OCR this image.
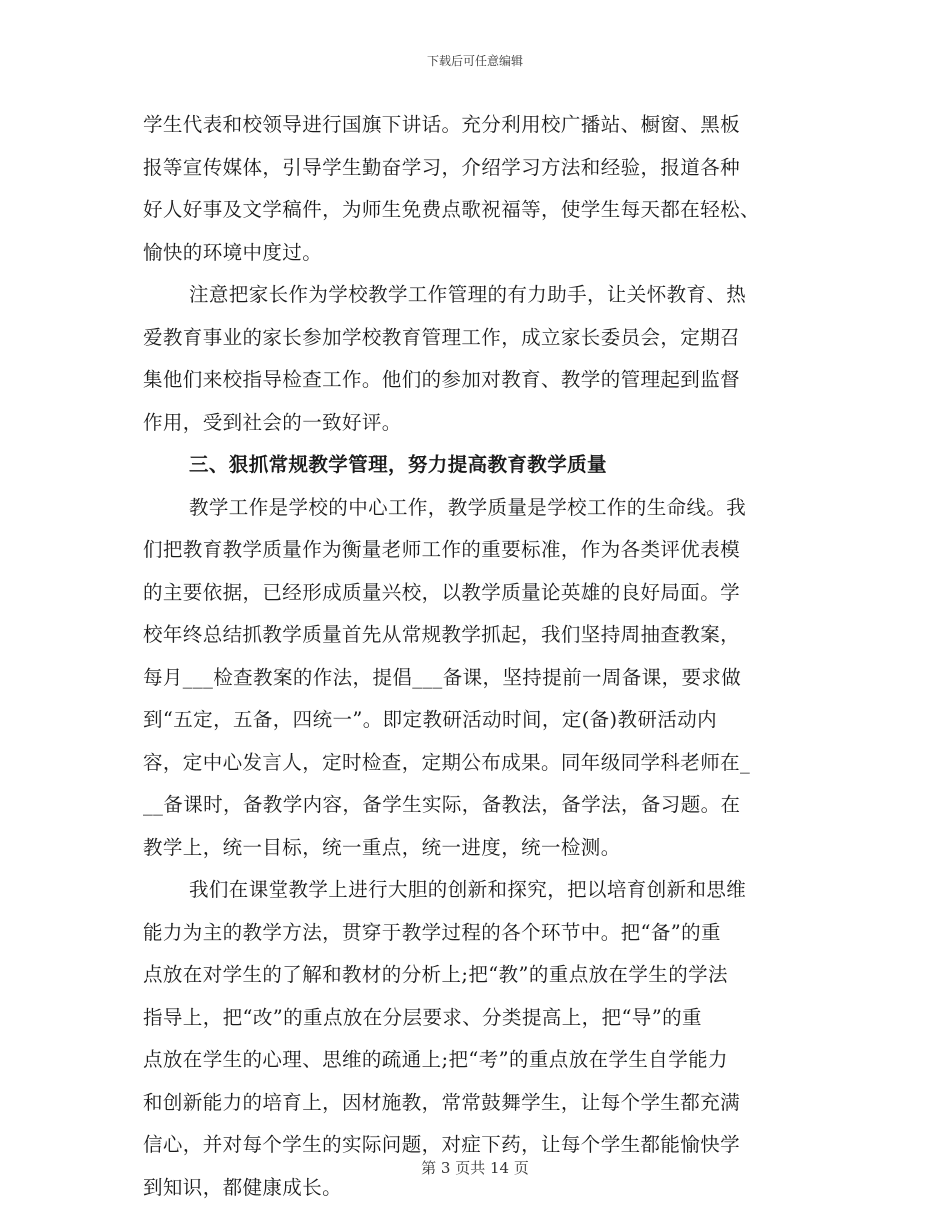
下载后可任意编辑
学生代表和校领导进行国旗下讲话。充分利用校广播站、橱窗、黑板
报等宣传媒体，引导学生勤奋学习，介绍学习方法和经验，报道各种
好人好事及文学稿件，为师生免费点歌祝福等，使学生每天都在轻松、
愉快的环境中度过。
注意把家长作为学校教学工作管理的有力助手，让关怀教育、热
爱教育事业的家长参加学校教育管理工作，成立家长委员会，定期召
集他们来校指导检查工作。他们的参加对教育、教学的管理起到监督
作用，受到社会的一致好评。
三、狠抓常规教学管理，努力提高教育教学质量
教学工作是学校的中心工作，教学质量是学校工作的生命线。我
们把教育教学质量作为衡量老师工作的重要标准，作为各类评优表模
的主要依据，已经形成质量兴校，以教学质量论英雄的良好局面。学
校年终总结抓教学质量首先从常规教学抓起，我们坚持周抽查教案，
每月___检查教案的作法，提倡___备课，坚持提前一周备课，要求做
到“五定，五备，四统一”。即定教研活动时间，定(备)教研活动内
容，定中心发言人，定时检查，定期公布成果。同年级同学科老师在_
__备课时，备教学内容，备学生实际，备教法，备学法，备习题。在
教学上，统一目标，统一重点，统一进度，统一检测。
我们在课堂教学上进行大胆的创新和探究，把以培育创新和思维
能力为主的教学方法，贯穿于教学过程的各个环节中。把“备”的重
点放在对学生的了解和教材的分析上;把“教”的重点放在学生的学法
指导上，把“改”的重点放在分层要求、分类提高上，把“导”的重
点放在学生的心理、思维的疏通上;把“考”的重点放在学生自学能力
和创新能力的培育上，因材施教，常常鼓舞学生，让每个学生都充满
信心，并对每个学生的实际问题，对症下药，让每个学生都能愉快学
到知识，都健康成长。
第 3 页共 14 页
